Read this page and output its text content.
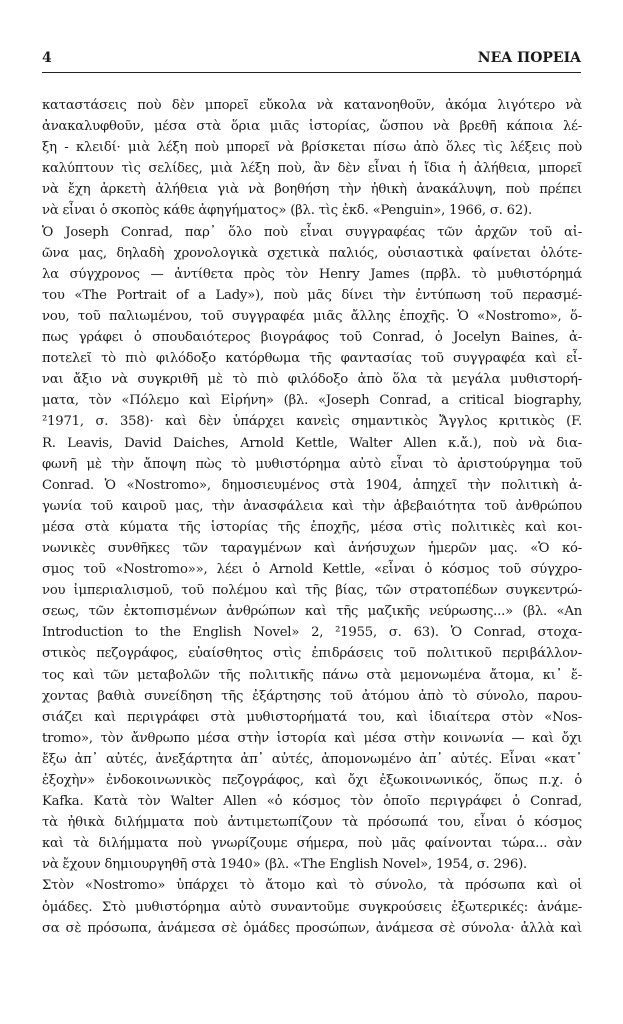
4	ΝΕΑ ΠΟΡΕΙΑ
καταστάσεις ποὺ δὲν μπορεῖ εὔκολα νὰ κατανοηθοῦν, ἀκόμα λιγότερο νὰ
ἀνακαλυφθοῦν, μέσα στὰ ὅρια μιᾶς ἱστορίας, ὥσπου νὰ βρεθῆ κάποια λέ-
ξη - κλειδί· μιὰ λέξη ποὺ μπορεῖ νὰ βρίσκεται πίσω ἀπὸ ὅλες τὶς λέξεις ποὺ
καλύπτουν τὶς σελίδες, μιὰ λέξη ποὺ, ἂν δὲν εἶναι ἡ ἴδια ἡ ἀλήθεια, μπορεῖ
νὰ ἔχη ἀρκετὴ ἀλήθεια γιὰ νὰ βοηθήση τὴν ἠθικὴ ἀνακάλυψη, ποὺ πρέπει
νὰ εἶναι ὁ σκοπὸς κάθε ἀφηγήματος» (βλ. τὶς ἐκδ. «Penguin», 1966, σ. 62).
Ὁ Joseph Conrad, παρ᾽ ὅλο ποὺ εἶναι συγγραφέας τῶν ἀρχῶν τοῦ αἰ-
ῶνα μας, δηλαδὴ χρονολογικὰ σχετικὰ παλιός, οὐσιαστικὰ φαίνεται ὁλότε-
λα σύγχρονος — ἀντίθετα πρὸς τὸν Henry James (πρβλ. τὸ μυθιστόρημά
του «The Portrait of a Lady»), ποὺ μᾶς δίνει τὴν ἐντύπωση τοῦ περασμέ-
νου, τοῦ παλιωμένου, τοῦ συγγραφέα μιᾶς ἄλλης ἐποχῆς. Ὁ «Nostromo», ὅ-
πως γράφει ὁ σπουδαιότερος βιογράφος τοῦ Conrad, ὁ Jocelyn Baines, ἀ-
ποτελεῖ τὸ πιὸ φιλόδοξο κατόρθωμα τῆς φαντασίας τοῦ συγγραφέα καὶ εἶ-
ναι ἄξιο νὰ συγκριθῆ μὲ τὸ πιὸ φιλόδοξο ἀπὸ ὅλα τὰ μεγάλα μυθιστορή-
ματα, τὸν «Πόλεμο καὶ Εἰρήνη» (βλ. «Joseph Conrad, a critical biography,
²1971, σ. 358)· καὶ δὲν ὑπάρχει κανεὶς σημαντικὸς Ἄγγλος κριτικὸς (F.
R. Leavis, David Daiches, Arnold Kettle, Walter Allen κ.ἄ.), ποὺ νὰ δια-
φωνῆ μὲ τὴν ἄποψη πὼς τὸ μυθιστόρημα αὐτὸ εἶναι τὸ ἀριστούργημα τοῦ
Conrad. Ὁ «Nostromo», δημοσιευμένος στὰ 1904, ἀπηχεῖ τὴν πολιτικὴ ἀ-
γωνία τοῦ καιροῦ μας, τὴν ἀνασφάλεια καὶ τὴν ἀβεβαιότητα τοῦ ἀνθρώπου
μέσα στὰ κύματα τῆς ἱστορίας τῆς ἐποχῆς, μέσα στὶς πολιτικὲς καὶ κοι-
νωνικὲς συνθῆκες τῶν ταραγμένων καὶ ἀνήσυχων ἡμερῶν μας. «Ὁ κό-
σμος τοῦ «Nostromo»», λέει ὁ Arnold Kettle, «εἶναι ὁ κόσμος τοῦ σύγχρο-
νου ἰμπεριαλισμοῦ, τοῦ πολέμου καὶ τῆς βίας, τῶν στρατοπέδων συγκεντρώ-
σεως, τῶν ἐκτοπισμένων ἀνθρώπων καὶ τῆς μαζικῆς νεύρωσης...» (βλ. «An
Introduction to the English Novel» 2, ²1955, σ. 63). Ὁ Conrad, στοχα-
στικὸς πεζογράφος, εὐαίσθητος στὶς ἐπιδράσεις τοῦ πολιτικοῦ περιβάλλον-
τος καὶ τῶν μεταβολῶν τῆς πολιτικῆς πάνω στὰ μεμονωμένα ἄτομα, κι᾽ ἔ-
χοντας βαθιὰ συνείδηση τῆς ἐξάρτησης τοῦ ἀτόμου ἀπὸ τὸ σύνολο, παρου-
σιάζει καὶ περιγράφει στὰ μυθιστορήματά του, καὶ ἰδιαίτερα στὸν «Nos-
tromo», τὸν ἄνθρωπο μέσα στὴν ἱστορία καὶ μέσα στὴν κοινωνία — καὶ ὄχι
ἔξω ἀπ᾽ αὐτές, ἀνεξάρτητα ἀπ᾽ αὐτές, ἀπομονωμένο ἀπ᾽ αὐτές. Εἶναι «κατ᾽
ἐξοχὴν» ἐνδοκοινωνικὸς πεζογράφος, καὶ ὄχι ἐξωκοινωνικός, ὅπως π.χ. ὁ
Kafka. Κατὰ τὸν Walter Allen «ὁ κόσμος τὸν ὁποῖο περιγράφει ὁ Conrad,
τὰ ἠθικὰ διλήμματα ποὺ ἀντιμετωπίζουν τὰ πρόσωπά του, εἶναι ὁ κόσμος
καὶ τὰ διλήμματα ποὺ γνωρίζουμε σήμερα, ποὺ μᾶς φαίνονται τώρα... σὰν
νὰ ἔχουν δημιουργηθῆ στὰ 1940» (βλ. «The English Novel», 1954, σ. 296).
Στὸν «Nostromo» ὑπάρχει τὸ ἄτομο καὶ τὸ σύνολο, τὰ πρόσωπα καὶ οἱ
ὁμάδες. Στὸ μυθιστόρημα αὐτὸ συναντοῦμε συγκρούσεις ἐξωτερικές: ἀνάμε-
σα σὲ πρόσωπα, ἀνάμεσα σὲ ὁμάδες προσώπων, ἀνάμεσα σὲ σύνολα· ἀλλὰ καὶ
